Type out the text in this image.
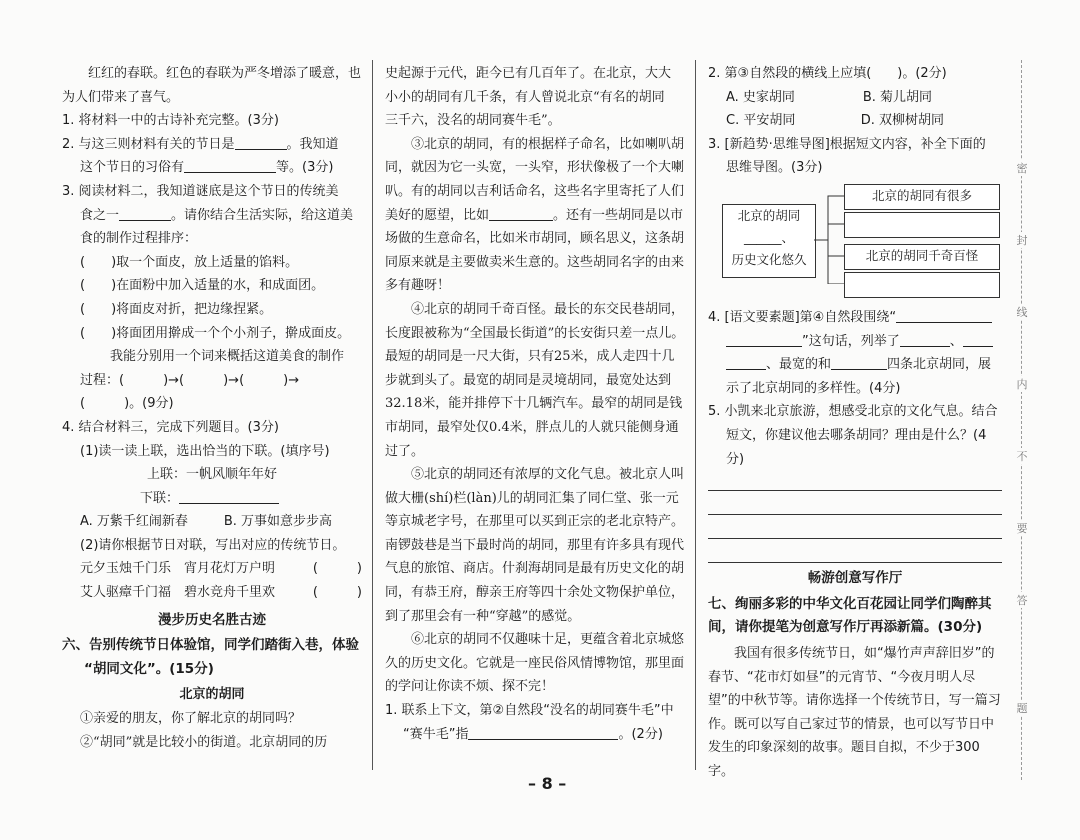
红红的春联。红色的春联为严冬增添了暖意，也

为人们带来了喜气。

1. 将材料一中的古诗补充完整。(3分)

2. 与这三则材料有关的节日是	。我知道

这个节日的习俗有	等。(3分)

3. 阅读材料二，我知道谜底是这个节日的传统美

食之一	。请你结合生活实际，给这道美

食的制作过程排序：

(　　)取一个面皮，放上适量的馅料。

(　　)在面粉中加入适量的水，和成面团。

(　　)将面皮对折，把边缘捏紧。

(　　)将面团用擀成一个个小剂子，擀成面皮。

我能分别用一个词来概括这道美食的制作

过程：(　　　)→(　　　)→(　　　)→

(　　　)。(9分)

4. 结合材料三，完成下列题目。(3分)

(1)读一读上联，选出恰当的下联。(填序号)

上联：一帆风顺年年好

下联：

A. 万紫千红闹新春	B. 万事如意步步高

(2)请你根据节日对联，写出对应的传统节日。

元夕玉烛千门乐　宵月花灯万户明	(　　　)

艾人驱瘴千门福　碧水竞舟千里欢	(　　　)

漫步历史名胜古迹

六、告别传统节日体验馆，同学们踏街入巷，体验

“胡同文化”。(15分)

北京的胡同

①亲爱的朋友，你了解北京的胡同吗？

②“胡同”就是比较小的街道。北京胡同的历

史起源于元代，距今已有几百年了。在北京，大大

小小的胡同有几千条，有人曾说北京“有名的胡同

三千六，没名的胡同赛牛毛”。

③北京的胡同，有的根据样子命名，比如喇叭胡同，就因为它一头宽，一头窄，形状像极了一个大喇叭。有的胡同以吉利话命名，这些名字里寄托了人们美好的愿望，比如	。还有一些胡同是以市场做的生意命名，比如米市胡同，顾名思义，这条胡同原来就是主要做卖米生意的。这些胡同名字的由来多有趣呀！

④北京的胡同千奇百怪。最长的东交民巷胡同，长度跟被称为“全国最长街道”的长安街只差一点儿。最短的胡同是一尺大街，只有25米，成人走四十几步就到头了。最宽的胡同是灵境胡同，最宽处达到32.18米，能并排停下十几辆汽车。最窄的胡同是钱市胡同，最窄处仅0.4米，胖点儿的人就只能侧身通过了。

⑤北京的胡同还有浓厚的文化气息。被北京人叫做大栅(shí)栏(làn)儿的胡同汇集了同仁堂、张一元等京城老字号，在那里可以买到正宗的老北京特产。南锣鼓巷是当下最时尚的胡同，那里有许多具有现代气息的旅馆、商店。什刹海胡同是最有历史文化的胡同，有恭王府，醇亲王府等四十余处文物保护单位，到了那里会有一种“穿越”的感觉。

⑥北京的胡同不仅趣味十足，更蕴含着北京城悠久的历史文化。它就是一座民俗风情博物馆，那里面的学问让你读不烦、探不完！

1. 联系上下文，第②自然段“没名的胡同赛牛毛”中

“赛牛毛”指	。(2分)

2. 第③自然段的横线上应填(　　)。(2分)

A. 史家胡同	B. 菊儿胡同

C. 平安胡同	D. 双柳树胡同

3. [新趋势·思维导图]根据短文内容，补全下面的

思维导图。(3分)

北京的胡同
______、
历史文化悠久
北京的胡同有很多
北京的胡同千奇百怪

4. [语文要素题]第④自然段围绕“

”这句话，列举了	、

、最宽的和	四条北京胡同，展

示了北京胡同的多样性。(4分)

5. 小凯来北京旅游，想感受北京的文化气息。结合

短文，你建议他去哪条胡同？理由是什么？(4分)

畅游创意写作厅

七、绚丽多彩的中华文化百花园让同学们陶醉其间，请你提笔为创意写作厅再添新篇。(30分)

我国有很多传统节日，如“爆竹声声辞旧岁”的春节、“花市灯如昼”的元宵节、“今夜月明人尽望”的中秋节等。请你选择一个传统节日，写一篇习作。既可以写自己家过节的情景，也可以写节日中发生的印象深刻的故事。题目自拟，不少于300字。

– 8 –
密
封
线
内
不
要
答
题
